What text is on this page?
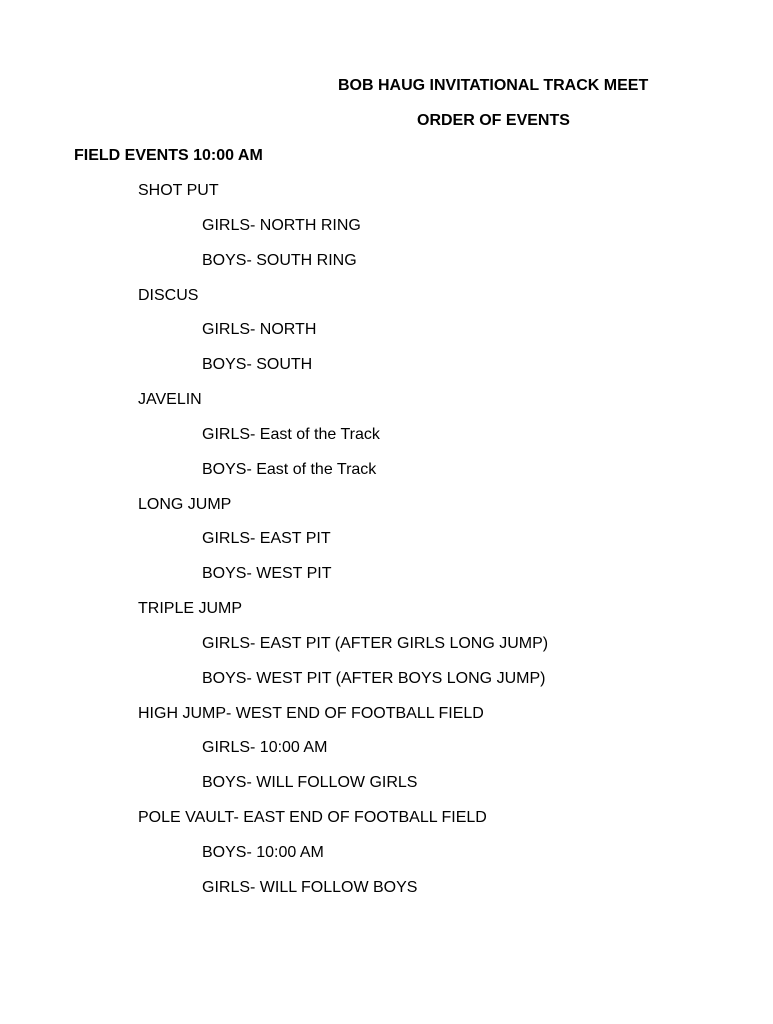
BOB HAUG INVITATIONAL TRACK MEET
ORDER OF EVENTS
FIELD EVENTS 10:00 AM
SHOT PUT
GIRLS- NORTH RING
BOYS- SOUTH RING
DISCUS
GIRLS- NORTH
BOYS- SOUTH
JAVELIN
GIRLS- East of the Track
BOYS- East of the Track
LONG JUMP
GIRLS- EAST PIT
BOYS- WEST PIT
TRIPLE JUMP
GIRLS- EAST PIT (AFTER GIRLS LONG JUMP)
BOYS- WEST PIT (AFTER BOYS LONG JUMP)
HIGH JUMP- WEST END OF FOOTBALL FIELD
GIRLS- 10:00 AM
BOYS- WILL FOLLOW GIRLS
POLE VAULT- EAST END OF FOOTBALL FIELD
BOYS- 10:00 AM
GIRLS- WILL FOLLOW BOYS
